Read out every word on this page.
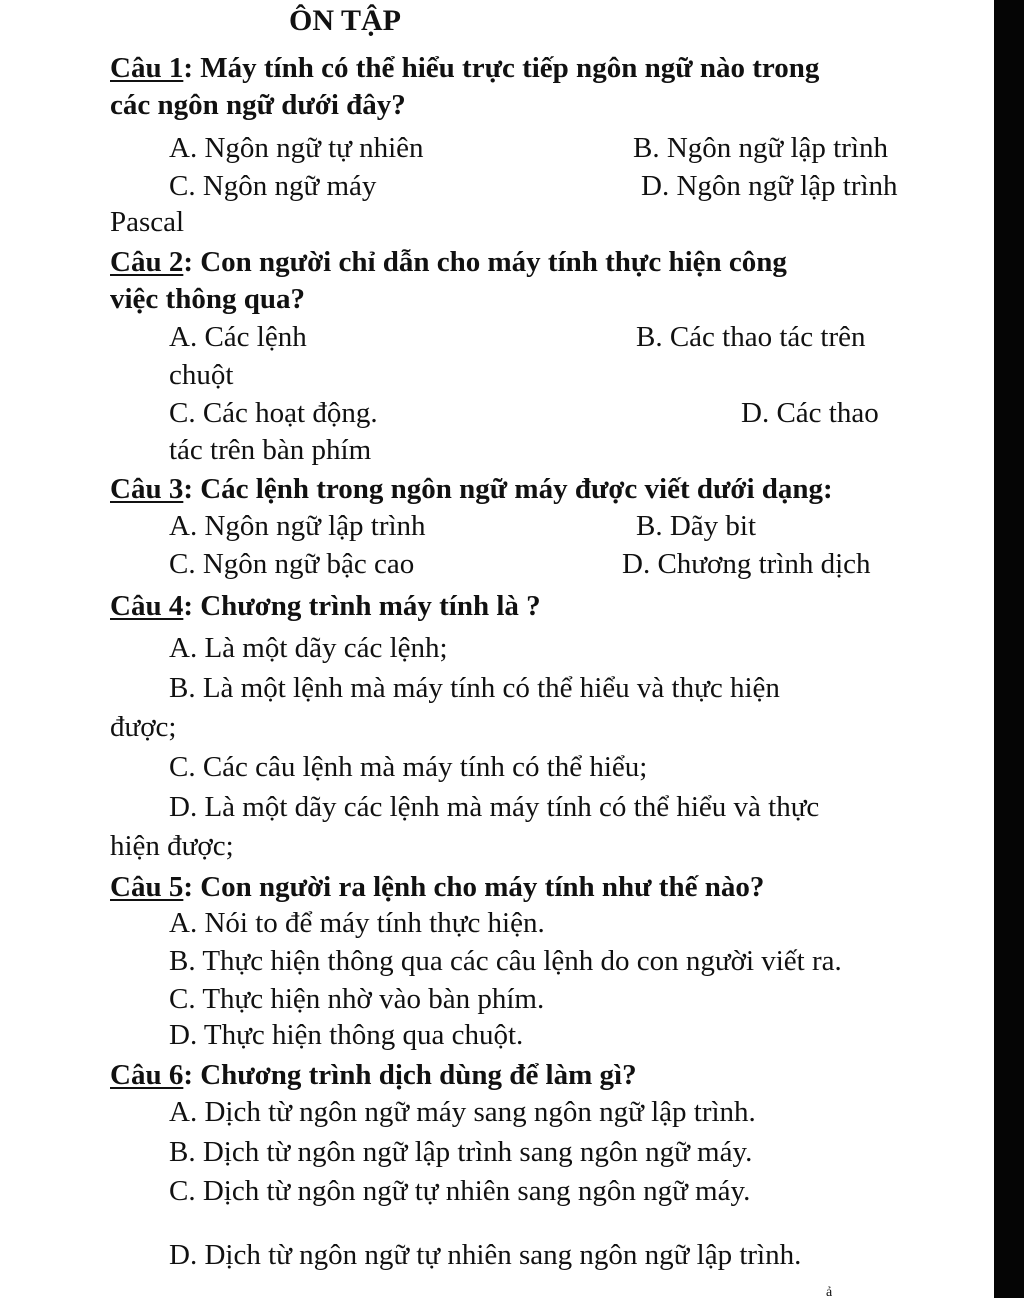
ÔN TẬP
Câu 1: Máy tính có thể hiểu trực tiếp ngôn ngữ nào trong
các ngôn ngữ dưới đây?
A. Ngôn ngữ tự nhiên	B. Ngôn ngữ lập trình
C. Ngôn ngữ máy	D. Ngôn ngữ lập trình
Pascal
Câu 2: Con người chỉ dẫn cho máy tính thực hiện công
việc thông qua?
A. Các lệnh	B. Các thao tác trên
chuột
C. Các hoạt động.	D. Các thao
tác trên bàn phím
Câu 3: Các lệnh trong ngôn ngữ máy được viết dưới dạng:
A. Ngôn ngữ lập trình	B. Dãy bit
C. Ngôn ngữ bậc cao	D. Chương trình dịch
Câu 4: Chương trình máy tính là ?
A. Là một dãy các lệnh;
B. Là một lệnh mà máy tính có thể hiểu và thực hiện
được;
C. Các câu lệnh mà máy tính có thể hiểu;
D. Là một dãy các lệnh mà máy tính có thể hiểu và thực
hiện được;
Câu 5: Con người ra lệnh cho máy tính như thế nào?
A. Nói to để máy tính thực hiện.
B. Thực hiện thông qua các câu lệnh do con người viết ra.
C. Thực hiện nhờ vào bàn phím.
D. Thực hiện thông qua chuột.
Câu 6: Chương trình dịch dùng để làm gì?
A. Dịch từ ngôn ngữ máy sang ngôn ngữ lập trình.
B. Dịch từ ngôn ngữ lập trình sang ngôn ngữ máy.
C. Dịch từ ngôn ngữ tự nhiên sang ngôn ngữ máy.
D. Dịch từ ngôn ngữ tự nhiên sang ngôn ngữ lập trình.
ả
